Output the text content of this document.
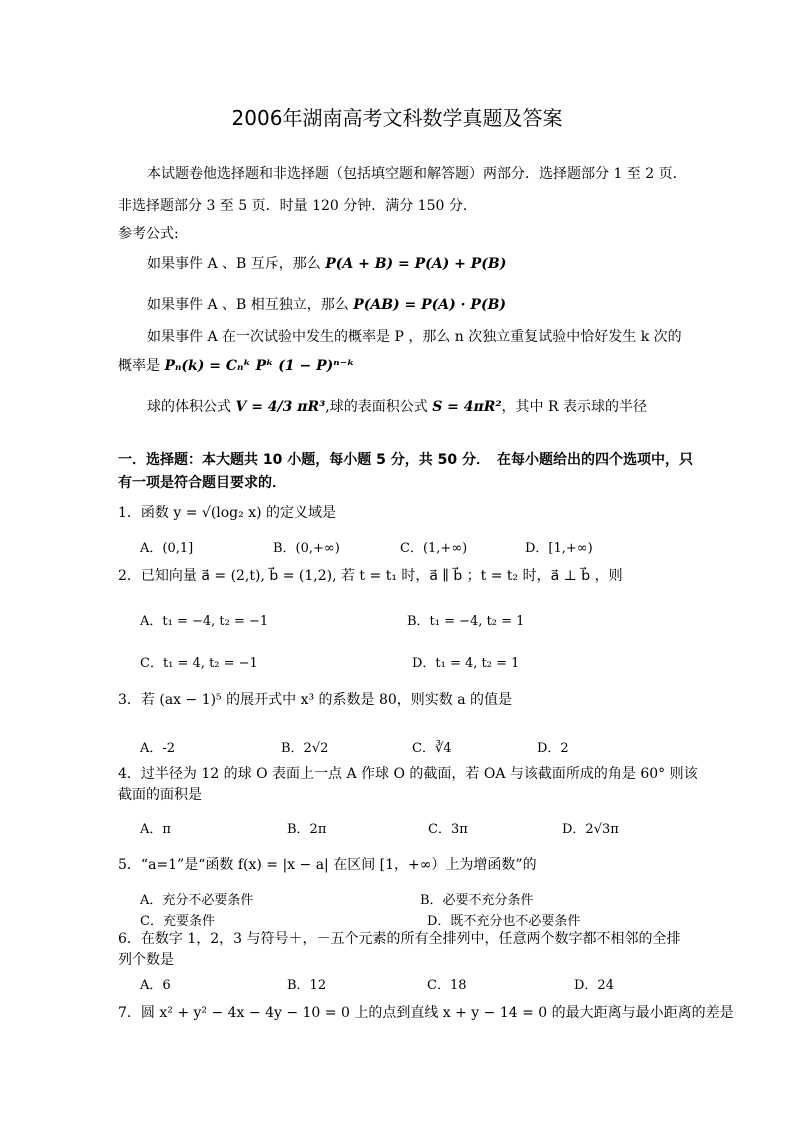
2006年湖南高考文科数学真题及答案
本试题卷他选择题和非选择题（包括填空题和解答题）两部分．选择题部分 1 至 2 页．
非选择题部分 3 至 5 页．时量 120 分钟．满分 150 分．
参考公式:
如果事件 A 、B 互斥，那么 P(A + B) = P(A) + P(B)
如果事件 A 、B 相互独立，那么 P(AB) = P(A) · P(B)
如果事件 A 在一次试验中发生的概率是 P ，那么 n 次独立重复试验中恰好发生 k 次的
概率是 Pₙ(k) = Cₙᵏ Pᵏ (1 − P)ⁿ⁻ᵏ
球的体积公式 V = 4/3 πR³,球的表面积公式 S = 4πR²，其中 R 表示球的半径
一．选择题：本大题共 10 小题，每小题 5 分，共 50 分．　在每小题给出的四个选项中，只
有一项是符合题目要求的．
1．函数 y = √(log₂ x) 的定义域是
A．(0,1]	B．(0,+∞)	C．(1,+∞)	D．[1,+∞)
2．已知向量 a⃗ = (2,t), b⃗ = (1,2), 若 t = t₁ 时，a⃗ ∥ b⃗ ；t = t₂ 时，a⃗ ⊥ b⃗ ，则
A．t₁ = −4, t₂ = −1	B．t₁ = −4, t₂ = 1
C．t₁ = 4, t₂ = −1	D．t₁ = 4, t₂ = 1
3．若 (ax − 1)⁵ 的展开式中 x³ 的系数是 80，则实数 a 的值是
A．-2	B．2√2	C．∛4	D．2
4．过半径为 12 的球 O 表面上一点 A 作球 O 的截面，若 OA 与该截面所成的角是 60° 则该
截面的面积是
A．π	B．2π	C．3π	D．2√3π
5．“a=1”是“函数 f(x) = |x − a| 在区间 [1，+∞）上为增函数”的
A．充分不必要条件	B．必要不充分条件
C．充要条件	D．既不充分也不必要条件
6．在数字 1，2，3 与符号＋，－五个元素的所有全排列中，任意两个数字都不相邻的全排
列个数是
A．6	B．12	C．18	D．24
7．圆 x² + y² − 4x − 4y − 10 = 0 上的点到直线 x + y − 14 = 0 的最大距离与最小距离的差是
